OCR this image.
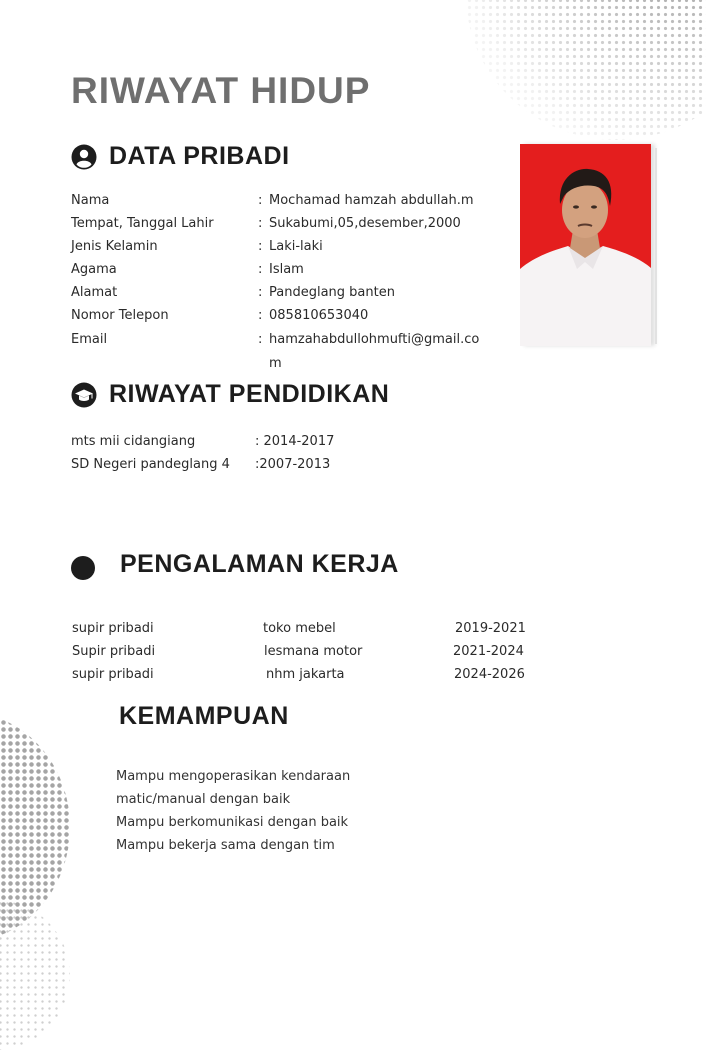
RIWAYAT HIDUP
DATA PRIBADI
Nama	: Mochamad hamzah abdullah.m
Tempat, Tanggal Lahir	: Sukabumi,05,desember,2000
Jenis Kelamin	: Laki-laki
Agama	: Islam
Alamat	: Pandeglang banten
Nomor Telepon	: 085810653040
Email	: hamzahabdullohmufti@gmail.co
m
RIWAYAT PENDIDIKAN
mts mii cidangiang	: 2014-2017
SD Negeri pandeglang 4 :2007-2013
PENGALAMAN KERJA
supir pribadi	toko mebel	2019-2021
Supir pribadi	lesmana motor	2021-2024
supir pribadi	nhm jakarta	2024-2026
KEMAMPUAN
Mampu mengoperasikan kendaraan
matic/manual dengan baik
Mampu berkomunikasi dengan baik
Mampu bekerja sama dengan tim
